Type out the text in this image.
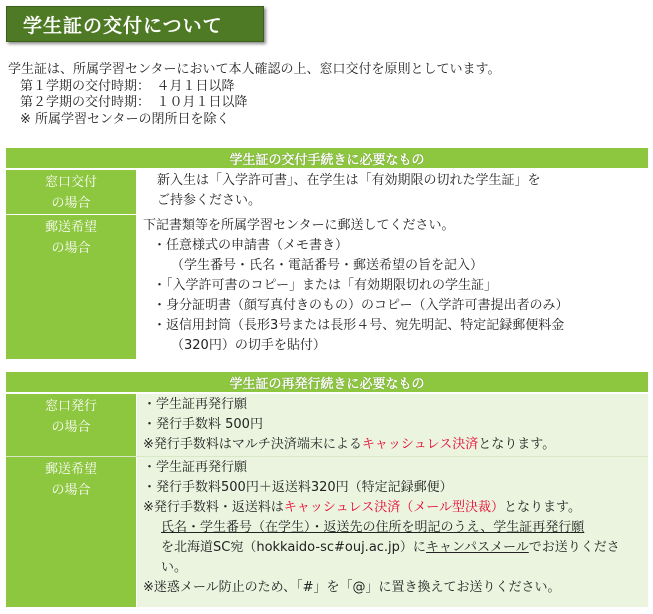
学生証の交付について
学生証は、所属学習センターにおいて本人確認の上、窓口交付を原則としています。
第１学期の交付時期：　４月１日以降
第２学期の交付時期：　１０月１日以降
※ 所属学習センターの閉所日を除く
学生証の交付手続きに必要なもの
窓口交付
の場合
新入生は「入学許可書」、在学生は「有効期限の切れた学生証」を
ご持参ください。
郵送希望
の場合
下記書類等を所属学習センターに郵送してください。
・任意様式の申請書（メモ書き）
（学生番号・氏名・電話番号・郵送希望の旨を記入）
・「入学許可書のコピー」または「有効期限切れの学生証」
・身分証明書（顔写真付きのもの）のコピー（入学許可書提出者のみ）
・返信用封筒（長形3号または長形４号、宛先明記、特定記録郵便料金
（320円）の切手を貼付）
学生証の再発行続きに必要なもの
窓口発行
の場合
・学生証再発行願
・発行手数料 500円
※発行手数料はマルチ決済端末によるキャッシュレス決済となります。
郵送希望
の場合
・学生証再発行願
・発行手数料500円＋返送料320円（特定記録郵便）
※発行手数料・返送料はキャッシュレス決済（メール型決裁）となります。
氏名・学生番号（在学生）・返送先の住所を明記のうえ、学生証再発行願
を北海道SC宛（hokkaido-sc#ouj.ac.jp）にキャンパスメールでお送りくださ
い。
※迷惑メール防止のため、「#」を「@」に置き換えてお送りください。
